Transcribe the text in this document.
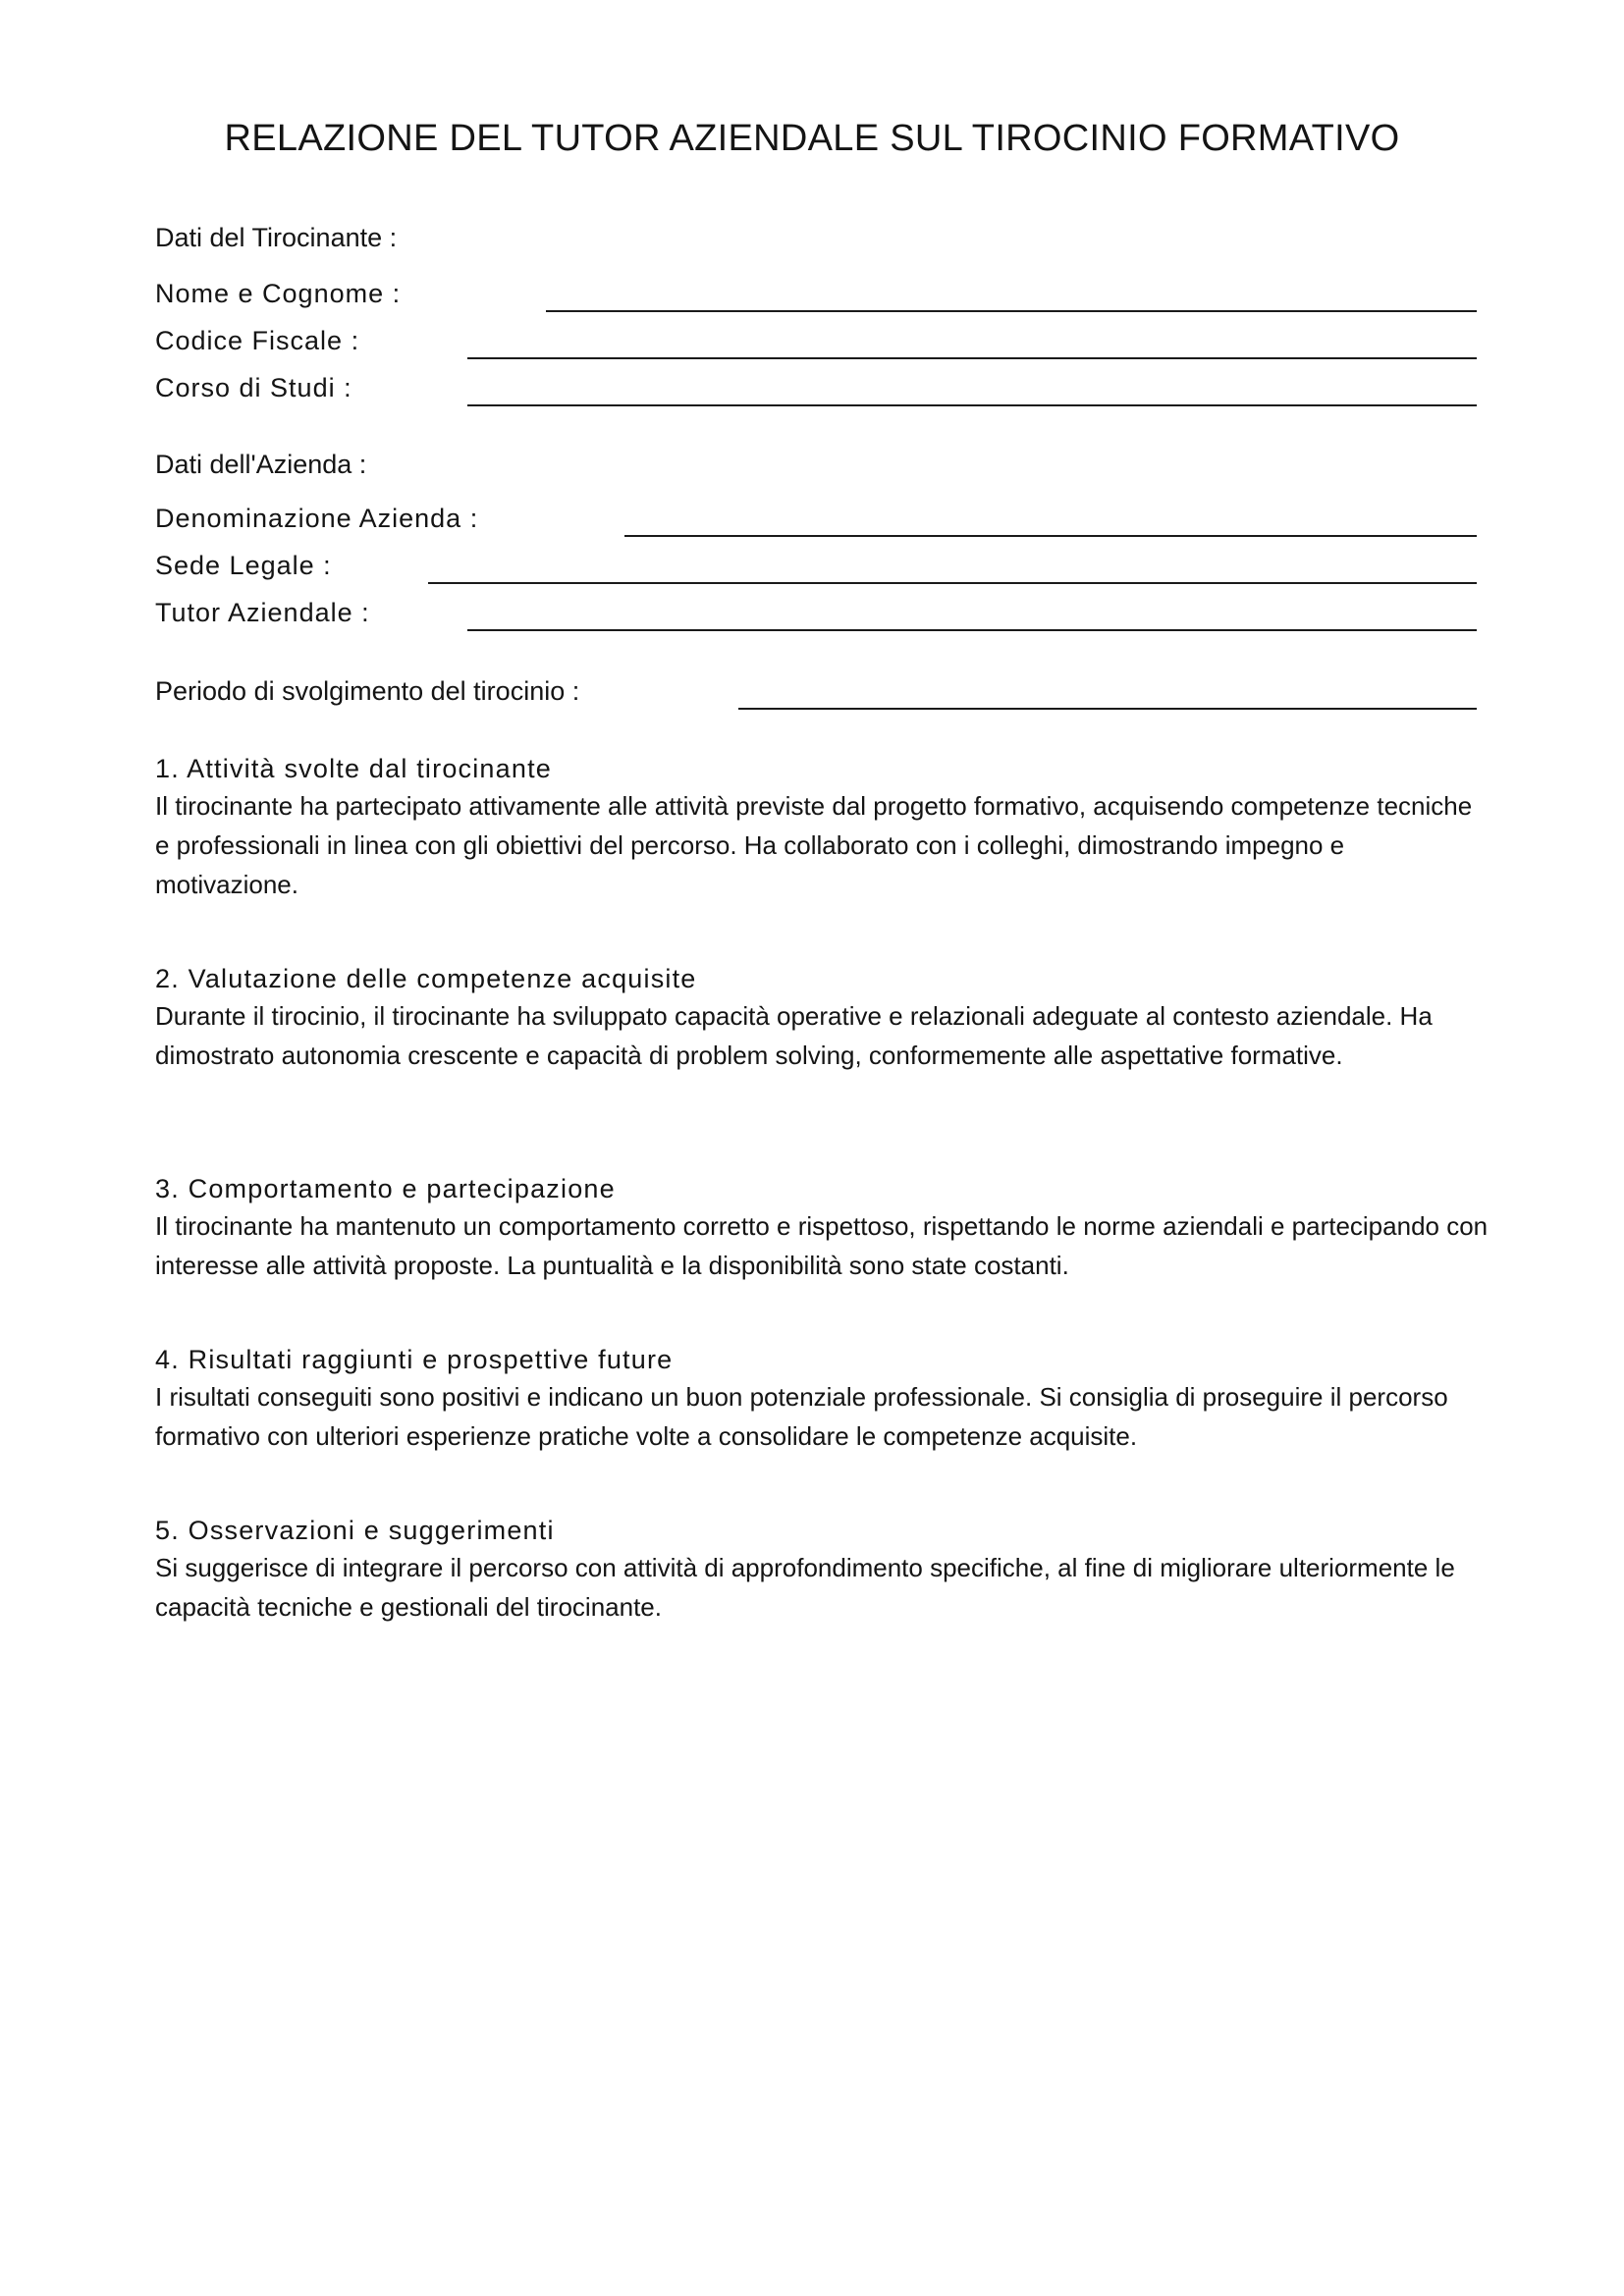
RELAZIONE DEL TUTOR AZIENDALE SUL TIROCINIO FORMATIVO
Dati del Tirocinante :
Nome e Cognome :
Codice Fiscale :
Corso di Studi :
Dati dell'Azienda :
Denominazione Azienda :
Sede Legale :
Tutor Aziendale :
Periodo di svolgimento del tirocinio :
1. Attività svolte dal tirocinante
Il tirocinante ha partecipato attivamente alle attività previste dal progetto formativo, acquisendo competenze tecniche e professionali in linea con gli obiettivi del percorso. Ha collaborato con i colleghi, dimostrando impegno e motivazione.
2. Valutazione delle competenze acquisite
Durante il tirocinio, il tirocinante ha sviluppato capacità operative e relazionali adeguate al contesto aziendale. Ha dimostrato autonomia crescente e capacità di problem solving, conformemente alle aspettative formative.
3. Comportamento e partecipazione
Il tirocinante ha mantenuto un comportamento corretto e rispettoso, rispettando le norme aziendali e partecipando con interesse alle attività proposte. La puntualità e la disponibilità sono state costanti.
4. Risultati raggiunti e prospettive future
I risultati conseguiti sono positivi e indicano un buon potenziale professionale. Si consiglia di proseguire il percorso formativo con ulteriori esperienze pratiche volte a consolidare le competenze acquisite.
5. Osservazioni e suggerimenti
Si suggerisce di integrare il percorso con attività di approfondimento specifiche, al fine di migliorare ulteriormente le capacità tecniche e gestionali del tirocinante.
